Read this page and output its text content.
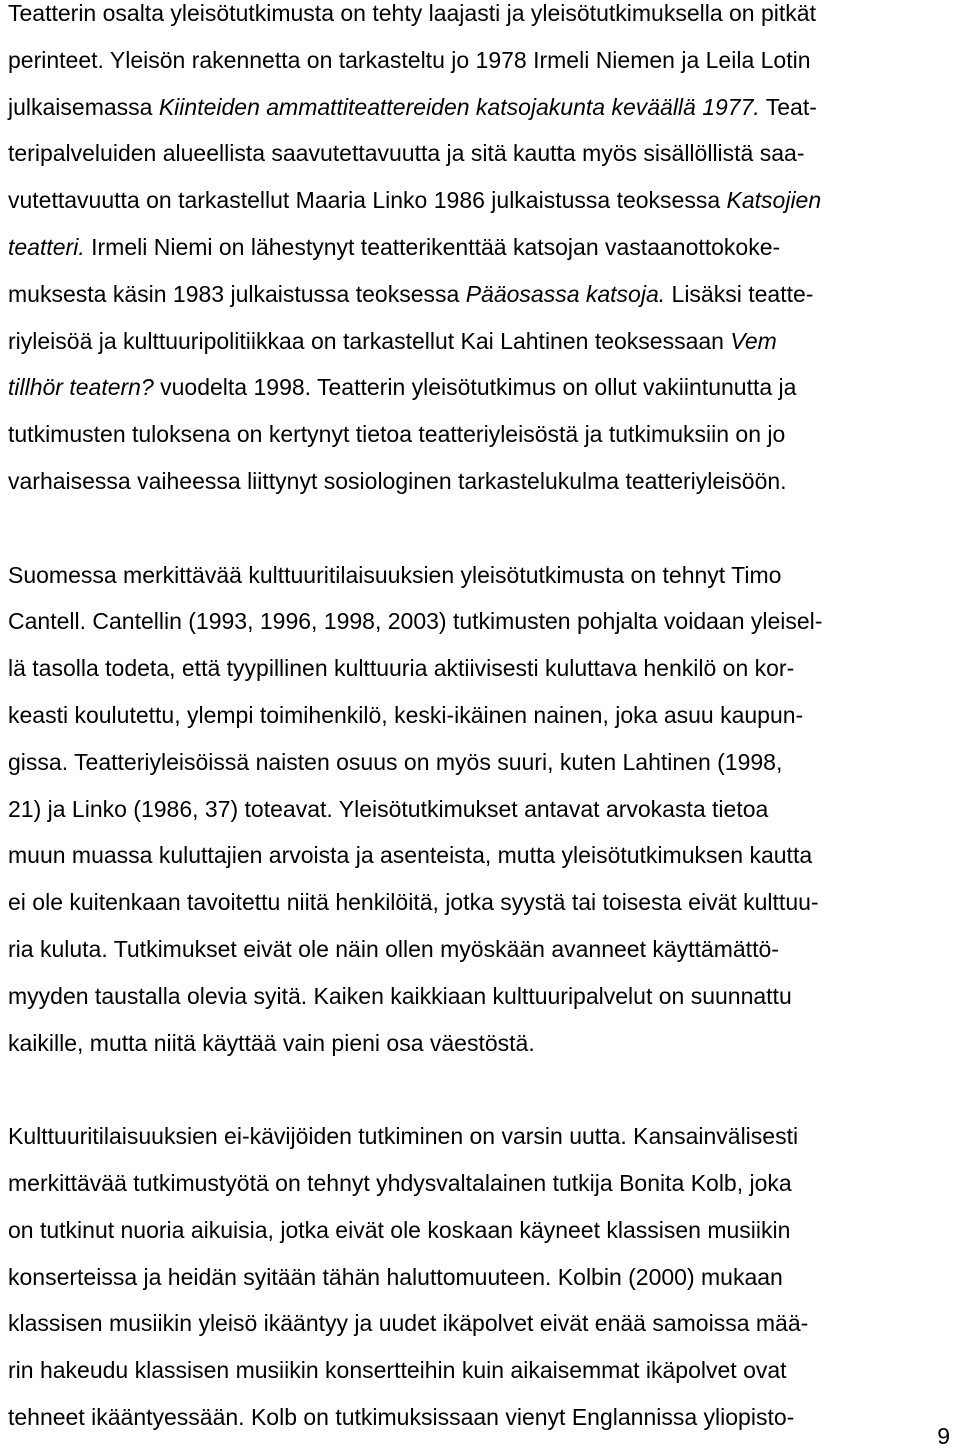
Teatterin osalta yleisötutkimusta on tehty laajasti ja yleisötutkimuksella on pitkät
perinteet. Yleisön rakennetta on tarkasteltu jo 1978 Irmeli Niemen ja Leila Lotin
julkaisemassa Kiinteiden ammattiteattereiden katsojakunta keväällä 1977. Teat-
teripalveluiden alueellista saavutettavuutta ja sitä kautta myös sisällöllistä saa-
vutettavuutta on tarkastellut Maaria Linko 1986 julkaistussa teoksessa Katsojien
teatteri. Irmeli Niemi on lähestynyt teatterikenttää katsojan vastaanottokoke-
muksesta käsin 1983 julkaistussa teoksessa Pääosassa katsoja. Lisäksi teatte-
riyleisöä ja kulttuuripolitiikkaa on tarkastellut Kai Lahtinen teoksessaan Vem
tillhör teatern? vuodelta 1998. Teatterin yleisötutkimus on ollut vakiintunutta ja
tutkimusten tuloksena on kertynyt tietoa teatteriyleisöstä ja tutkimuksiin on jo
varhaisessa vaiheessa liittynyt sosiologinen tarkastelukulma teatteriyleisöön.

Suomessa merkittävää kulttuuritilaisuuksien yleisötutkimusta on tehnyt Timo
Cantell. Cantellin (1993, 1996, 1998, 2003) tutkimusten pohjalta voidaan yleisel-
lä tasolla todeta, että tyypillinen kulttuuria aktiivisesti kuluttava henkilö on kor-
keasti koulutettu, ylempi toimihenkilö, keski-ikäinen nainen, joka asuu kaupun-
gissa. Teatteriyleisöissä naisten osuus on myös suuri, kuten Lahtinen (1998,
21) ja Linko (1986, 37) toteavat. Yleisötutkimukset antavat arvokasta tietoa
muun muassa kuluttajien arvoista ja asenteista, mutta yleisötutkimuksen kautta
ei ole kuitenkaan tavoitettu niitä henkilöitä, jotka syystä tai toisesta eivät kulttuu-
ria kuluta. Tutkimukset eivät ole näin ollen myöskään avanneet käyttämättö-
myyden taustalla olevia syitä. Kaiken kaikkiaan kulttuuripalvelut on suunnattu
kaikille, mutta niitä käyttää vain pieni osa väestöstä.

Kulttuuritilaisuuksien ei-kävijöiden tutkiminen on varsin uutta. Kansainvälisesti
merkittävää tutkimustyötä on tehnyt yhdysvaltalainen tutkija Bonita Kolb, joka
on tutkinut nuoria aikuisia, jotka eivät ole koskaan käyneet klassisen musiikin
konserteissa ja heidän syitään tähän haluttomuuteen. Kolbin (2000) mukaan
klassisen musiikin yleisö ikääntyy ja uudet ikäpolvet eivät enää samoissa mää-
rin hakeudu klassisen musiikin konsertteihin kuin aikaisemmat ikäpolvet ovat
tehneet ikääntyessään. Kolb on tutkimuksissaan vienyt Englannissa yliopisto-

9
